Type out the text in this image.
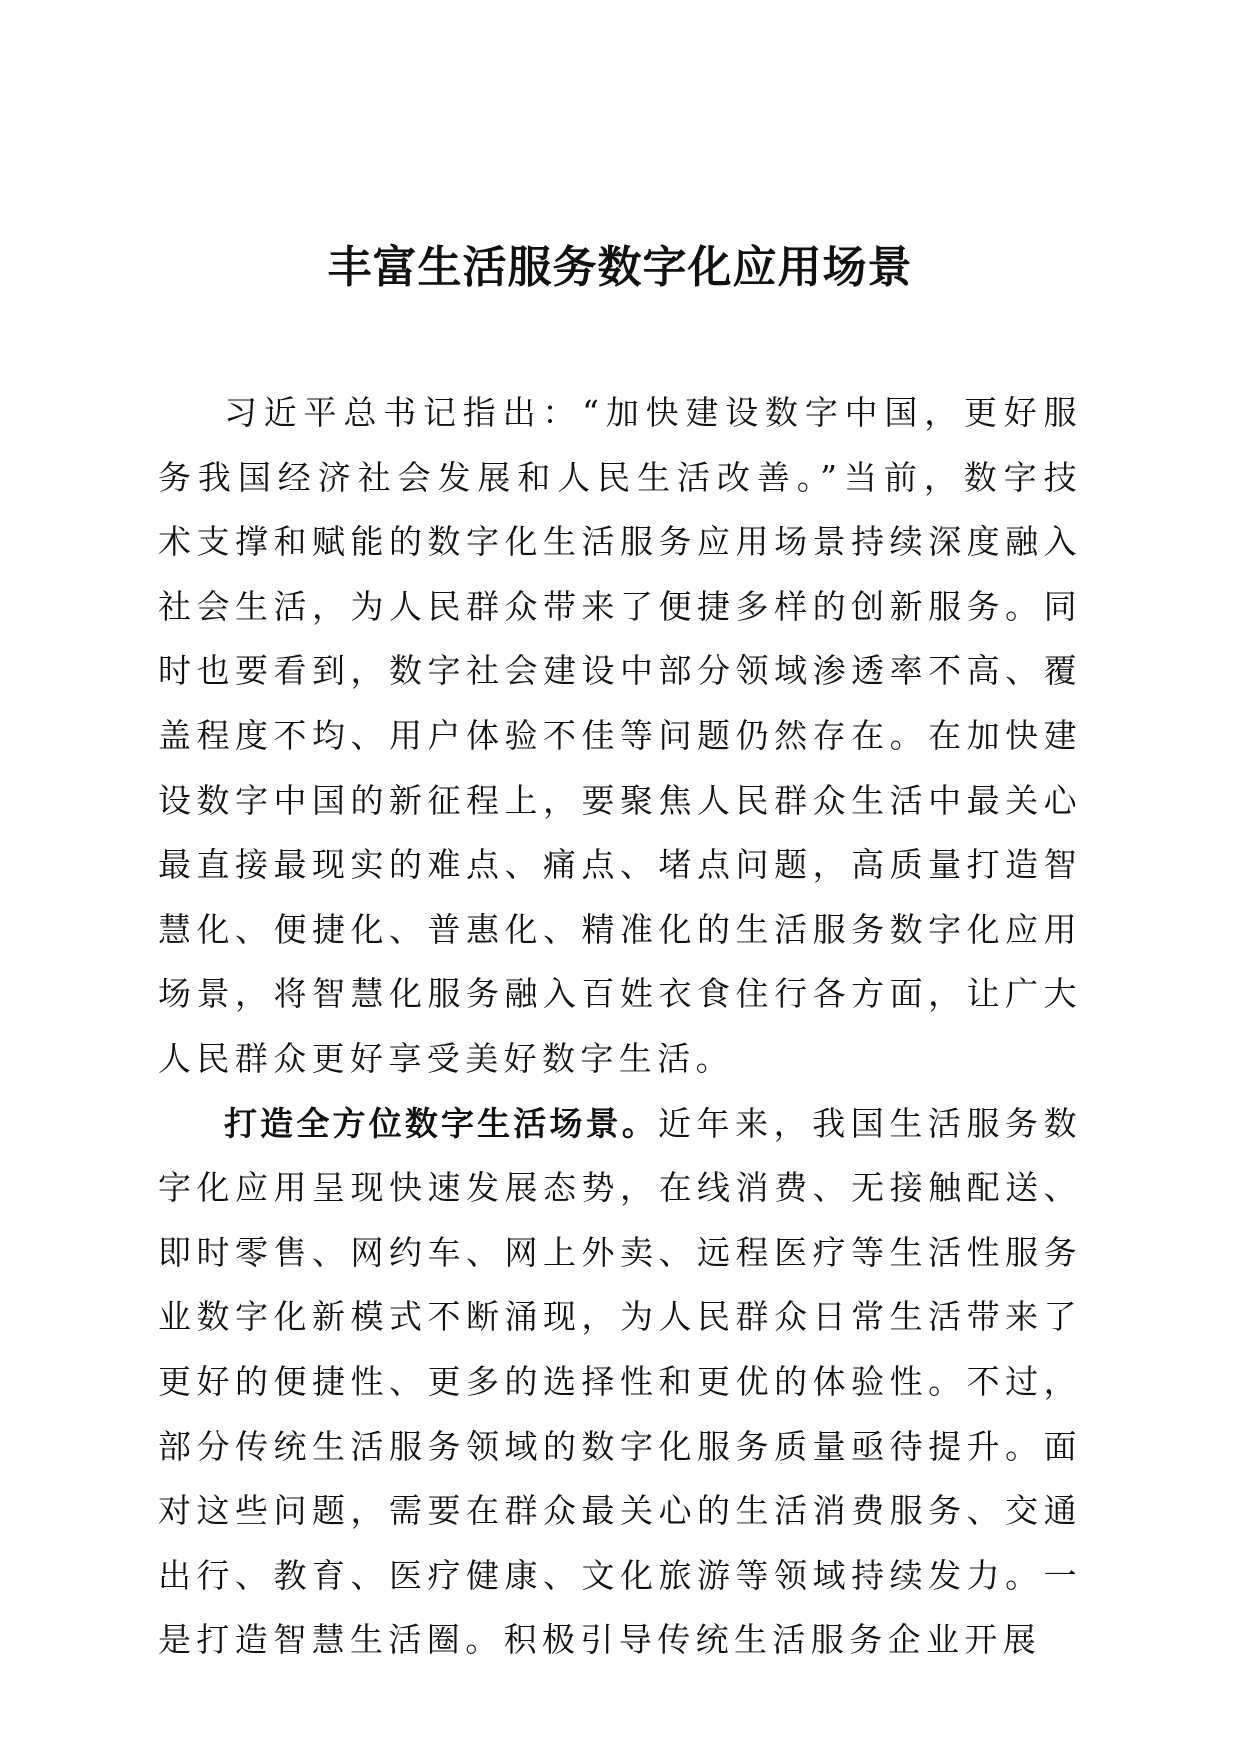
丰富生活服务数字化应用场景

习近平总书记指出：“加快建设数字中国，更好服务我国经济社会发展和人民生活改善。”当前，数字技术支撑和赋能的数字化生活服务应用场景持续深度融入社会生活，为人民群众带来了便捷多样的创新服务。同时也要看到，数字社会建设中部分领域渗透率不高、覆盖程度不均、用户体验不佳等问题仍然存在。在加快建设数字中国的新征程上，要聚焦人民群众生活中最关心最直接最现实的难点、痛点、堵点问题，高质量打造智慧化、便捷化、普惠化、精准化的生活服务数字化应用场景，将智慧化服务融入百姓衣食住行各方面，让广大人民群众更好享受美好数字生活。

打造全方位数字生活场景。近年来，我国生活服务数字化应用呈现快速发展态势，在线消费、无接触配送、即时零售、网约车、网上外卖、远程医疗等生活性服务业数字化新模式不断涌现，为人民群众日常生活带来了更好的便捷性、更多的选择性和更优的体验性。不过，部分传统生活服务领域的数字化服务质量亟待提升。面对这些问题，需要在群众最关心的生活消费服务、交通出行、教育、医疗健康、文化旅游等领域持续发力。一是打造智慧生活圈。积极引导传统生活服务企业开展
